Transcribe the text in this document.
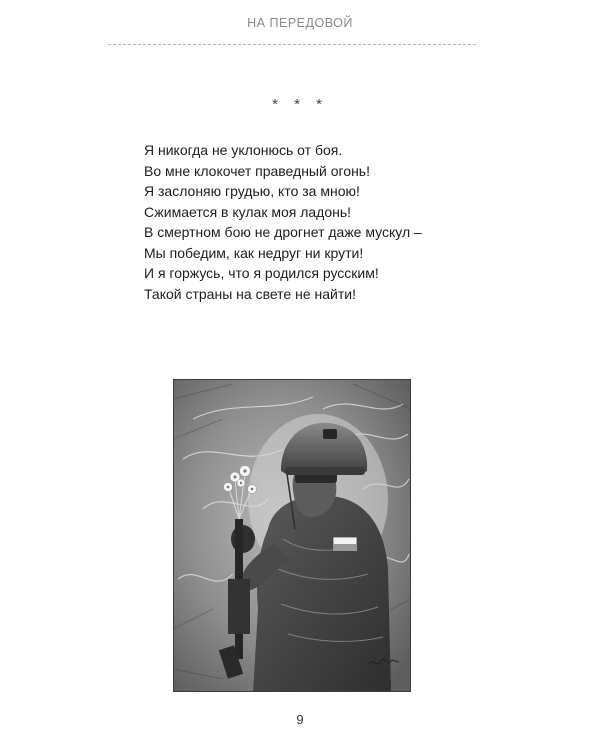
НА ПЕРЕДОВОЙ
* * *
Я никогда не уклонюсь от боя.
Во мне клокочет праведный огонь!
Я заслоняю грудью, кто за мною!
Сжимается в кулак моя ладонь!
В смертном бою не дрогнет даже мускул –
Мы победим, как недруг ни крути!
И я горжусь, что я родился русским!
Такой страны на свете не найти!
9
